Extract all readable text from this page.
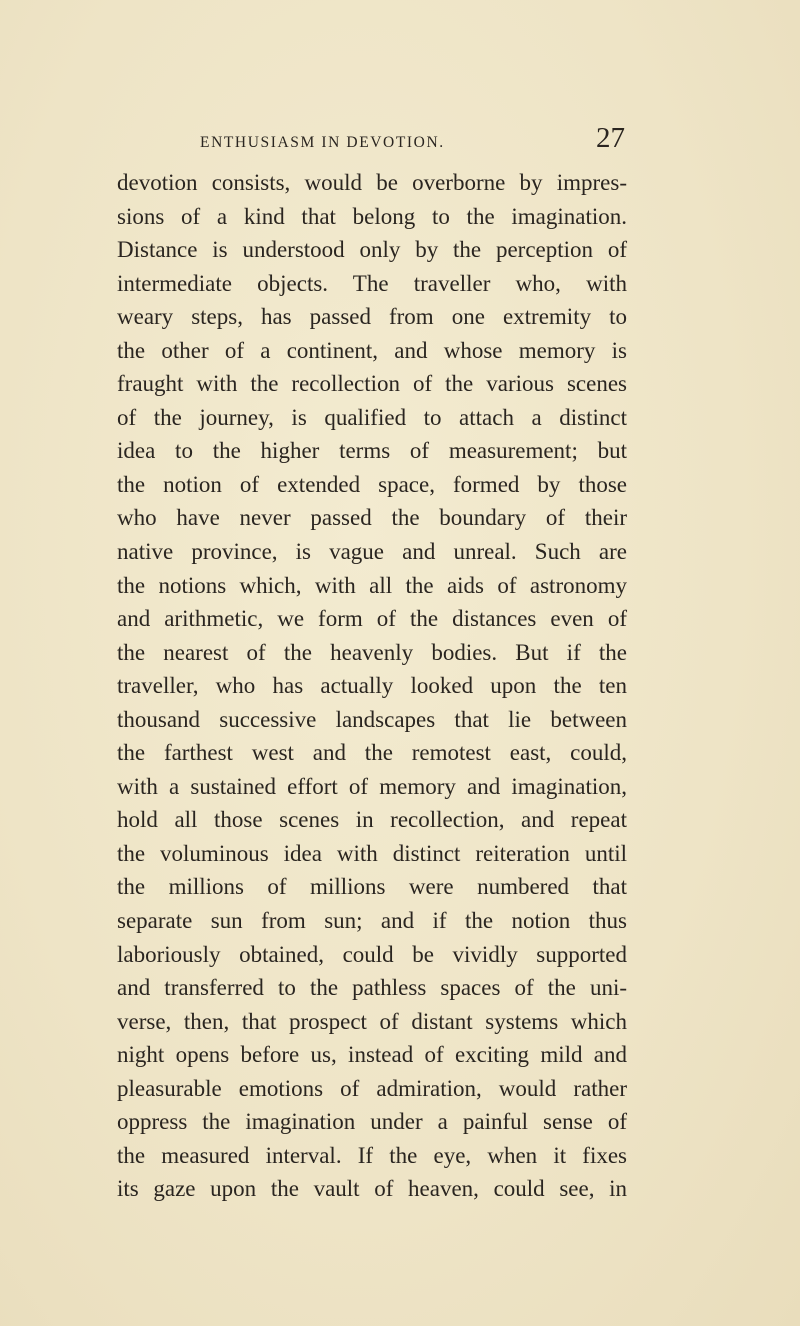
ENTHUSIASM IN DEVOTION.	27
devotion consists, would be overborne by impres-
sions of a kind that belong to the imagination.
Distance is understood only by the perception of
intermediate objects. The traveller who, with
weary steps, has passed from one extremity to
the other of a continent, and whose memory is
fraught with the recollection of the various scenes
of the journey, is qualified to attach a distinct
idea to the higher terms of measurement; but
the notion of extended space, formed by those
who have never passed the boundary of their
native province, is vague and unreal. Such are
the notions which, with all the aids of astronomy
and arithmetic, we form of the distances even of
the nearest of the heavenly bodies. But if the
traveller, who has actually looked upon the ten
thousand successive landscapes that lie between
the farthest west and the remotest east, could,
with a sustained effort of memory and imagination,
hold all those scenes in recollection, and repeat
the voluminous idea with distinct reiteration until
the millions of millions were numbered that
separate sun from sun; and if the notion thus
laboriously obtained, could be vividly supported
and transferred to the pathless spaces of the uni-
verse, then, that prospect of distant systems which
night opens before us, instead of exciting mild and
pleasurable emotions of admiration, would rather
oppress the imagination under a painful sense of
the measured interval. If the eye, when it fixes
its gaze upon the vault of heaven, could see, in
